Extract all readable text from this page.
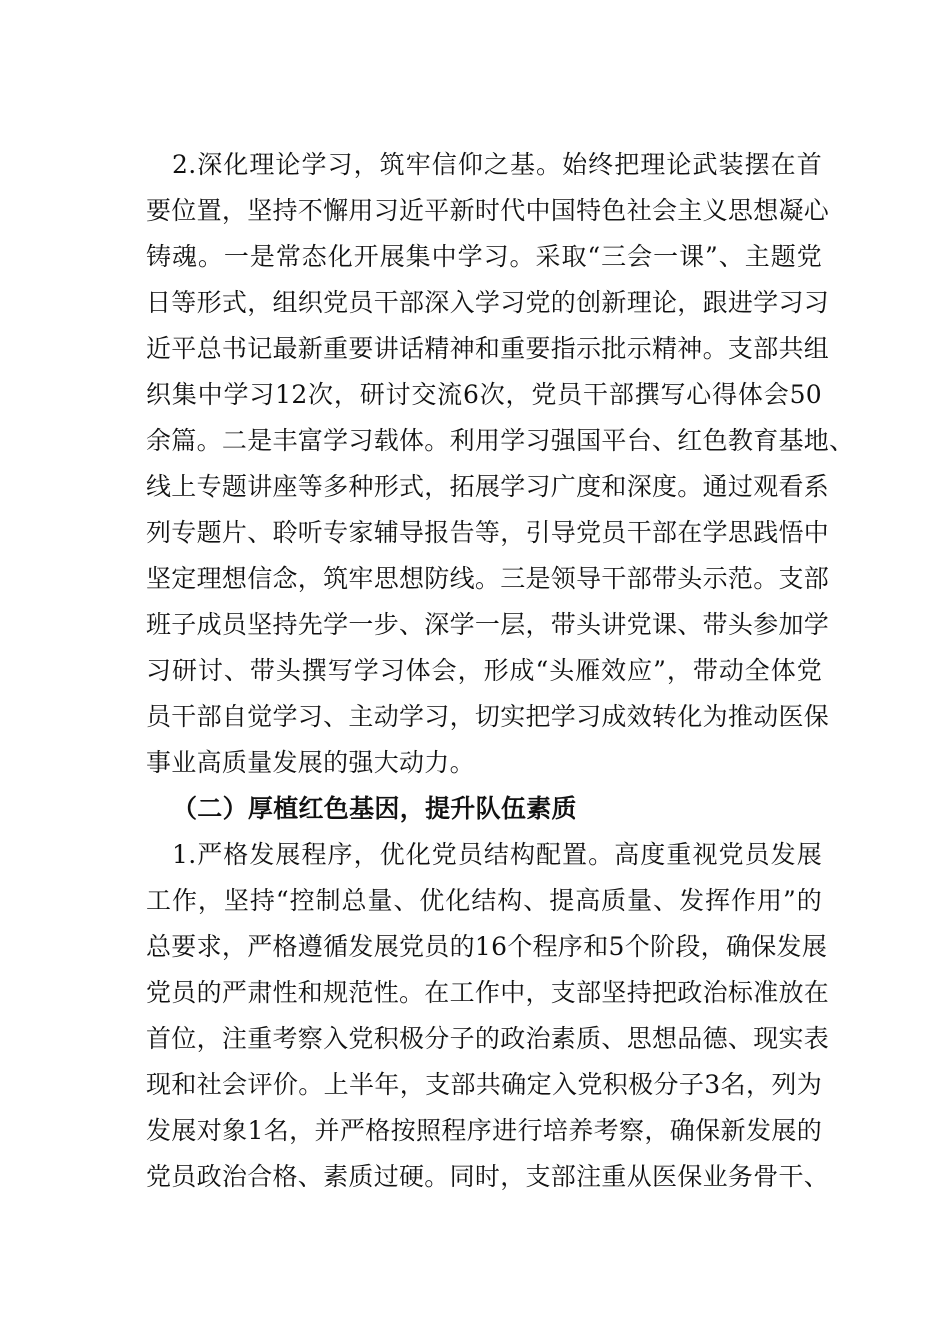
2.深化理论学习，筑牢信仰之基。始终把理论武装摆在首
要位置，坚持不懈用习近平新时代中国特色社会主义思想凝心
铸魂。一是常态化开展集中学习。采取“三会一课”、主题党
日等形式，组织党员干部深入学习党的创新理论，跟进学习习
近平总书记最新重要讲话精神和重要指示批示精神。支部共组
织集中学习12次，研讨交流6次，党员干部撰写心得体会50
余篇。二是丰富学习载体。利用学习强国平台、红色教育基地、
线上专题讲座等多种形式，拓展学习广度和深度。通过观看系
列专题片、聆听专家辅导报告等，引导党员干部在学思践悟中
坚定理想信念，筑牢思想防线。三是领导干部带头示范。支部
班子成员坚持先学一步、深学一层，带头讲党课、带头参加学
习研讨、带头撰写学习体会，形成“头雁效应”，带动全体党
员干部自觉学习、主动学习，切实把学习成效转化为推动医保
事业高质量发展的强大动力。
（二）厚植红色基因，提升队伍素质
1.严格发展程序，优化党员结构配置。高度重视党员发展
工作，坚持“控制总量、优化结构、提高质量、发挥作用”的
总要求，严格遵循发展党员的16个程序和5个阶段，确保发展
党员的严肃性和规范性。在工作中，支部坚持把政治标准放在
首位，注重考察入党积极分子的政治素质、思想品德、现实表
现和社会评价。上半年，支部共确定入党积极分子3名，列为
发展对象1名，并严格按照程序进行培养考察，确保新发展的
党员政治合格、素质过硬。同时，支部注重从医保业务骨干、
